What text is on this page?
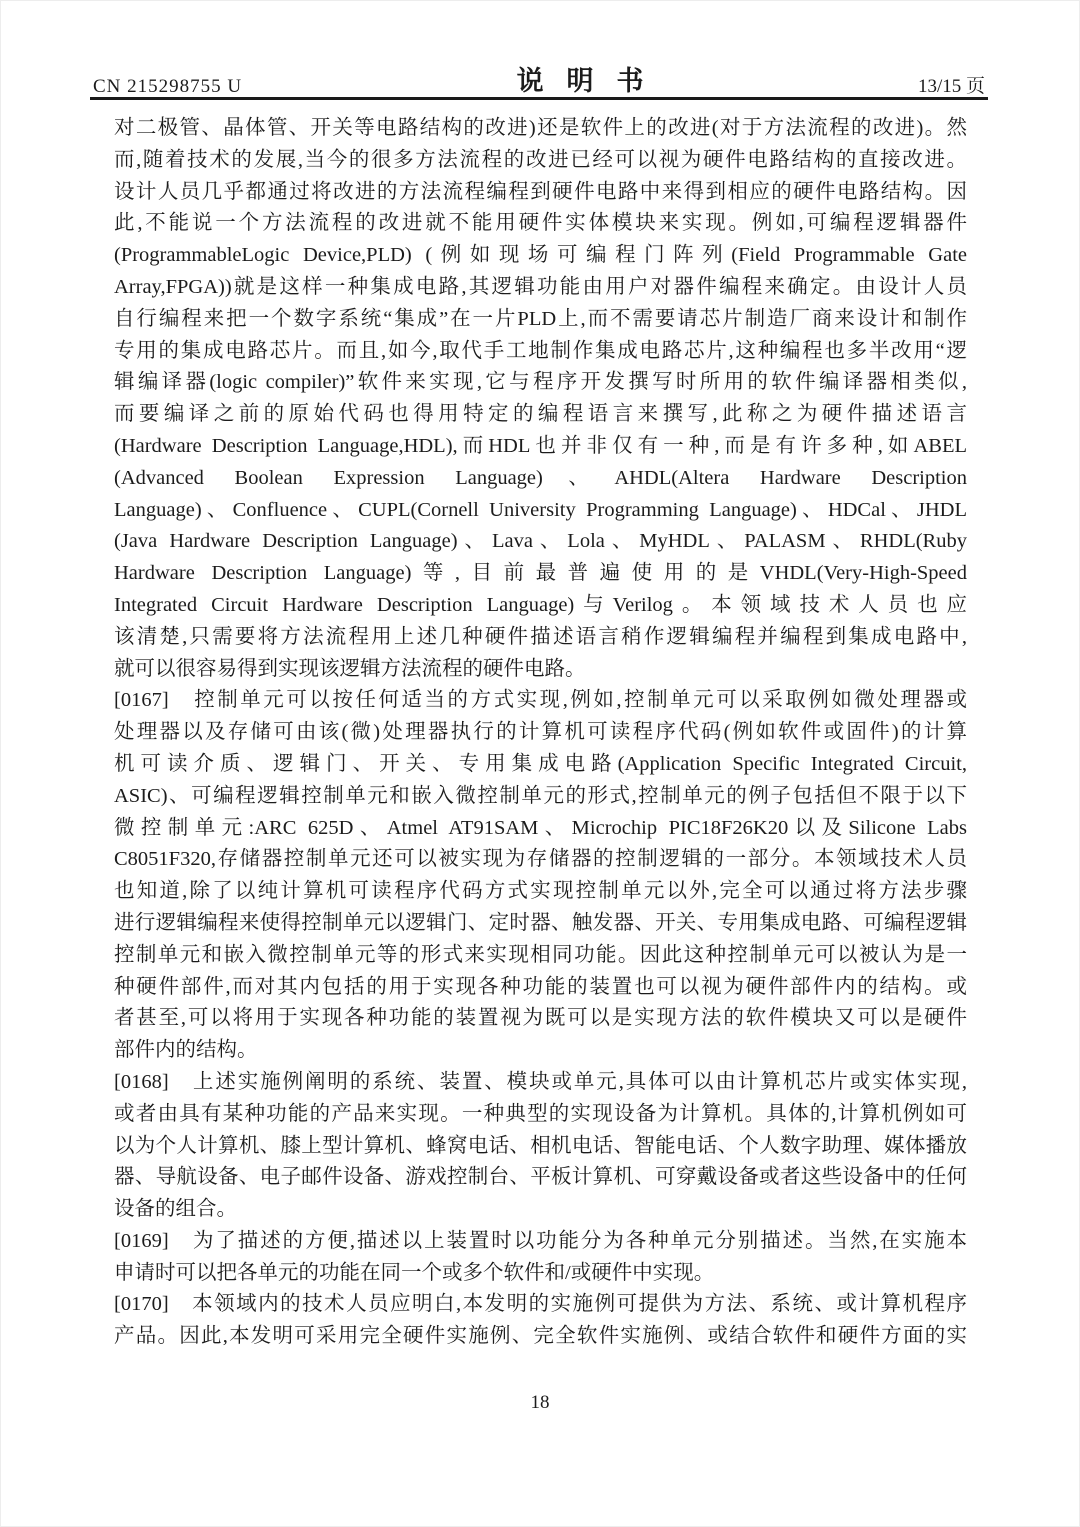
CN 215298755 U	说明书	13/15 页
对二极管、晶体管、开关等电路结构的改进)还是软件上的改进(对于方法流程的改进)。然
而,随着技术的发展,当今的很多方法流程的改进已经可以视为硬件电路结构的直接改进。
设计人员几乎都通过将改进的方法流程编程到硬件电路中来得到相应的硬件电路结构。因
此,不能说一个方法流程的改进就不能用硬件实体模块来实现。例如,可编程逻辑器件
(ProgrammableLogic Device,PLD) (例如现场可编程门阵列(Field Programmable Gate
Array,FPGA))就是这样一种集成电路,其逻辑功能由用户对器件编程来确定。由设计人员
自行编程来把一个数字系统“集成”在一片PLD上,而不需要请芯片制造厂商来设计和制作
专用的集成电路芯片。而且,如今,取代手工地制作集成电路芯片,这种编程也多半改用“逻
辑编译器(logic compiler)”软件来实现,它与程序开发撰写时所用的软件编译器相类似,
而要编译之前的原始代码也得用特定的编程语言来撰写,此称之为硬件描述语言
(Hardware Description Language,HDL),而HDL也并非仅有一种,而是有许多种,如ABEL
(Advanced Boolean Expression Language)、AHDL(Altera Hardware Description
Language)、Confluence、CUPL(Cornell University Programming Language)、HDCal、JHDL
(Java Hardware Description Language)、Lava、Lola、MyHDL、PALASM、RHDL(Ruby
Hardware Description Language)等,目前最普遍使用的是VHDL(Very-High-Speed
Integrated Circuit Hardware Description Language)与Verilog。本领域技术人员也应
该清楚,只需要将方法流程用上述几种硬件描述语言稍作逻辑编程并编程到集成电路中,
就可以很容易得到实现该逻辑方法流程的硬件电路。
[0167]　控制单元可以按任何适当的方式实现,例如,控制单元可以采取例如微处理器或
处理器以及存储可由该(微)处理器执行的计算机可读程序代码(例如软件或固件)的计算
机可读介质、逻辑门、开关、专用集成电路(Application Specific Integrated Circuit,
ASIC)、可编程逻辑控制单元和嵌入微控制单元的形式,控制单元的例子包括但不限于以下
微控制单元:ARC 625D、Atmel AT91SAM、Microchip PIC18F26K20以及Silicone Labs
C8051F320,存储器控制单元还可以被实现为存储器的控制逻辑的一部分。本领域技术人员
也知道,除了以纯计算机可读程序代码方式实现控制单元以外,完全可以通过将方法步骤
进行逻辑编程来使得控制单元以逻辑门、定时器、触发器、开关、专用集成电路、可编程逻辑
控制单元和嵌入微控制单元等的形式来实现相同功能。因此这种控制单元可以被认为是一
种硬件部件,而对其内包括的用于实现各种功能的装置也可以视为硬件部件内的结构。或
者甚至,可以将用于实现各种功能的装置视为既可以是实现方法的软件模块又可以是硬件
部件内的结构。
[0168]　上述实施例阐明的系统、装置、模块或单元,具体可以由计算机芯片或实体实现,
或者由具有某种功能的产品来实现。一种典型的实现设备为计算机。具体的,计算机例如可
以为个人计算机、膝上型计算机、蜂窝电话、相机电话、智能电话、个人数字助理、媒体播放
器、导航设备、电子邮件设备、游戏控制台、平板计算机、可穿戴设备或者这些设备中的任何
设备的组合。
[0169]　为了描述的方便,描述以上装置时以功能分为各种单元分别描述。当然,在实施本
申请时可以把各单元的功能在同一个或多个软件和/或硬件中实现。
[0170]　本领域内的技术人员应明白,本发明的实施例可提供为方法、系统、或计算机程序
产品。因此,本发明可采用完全硬件实施例、完全软件实施例、或结合软件和硬件方面的实
18
